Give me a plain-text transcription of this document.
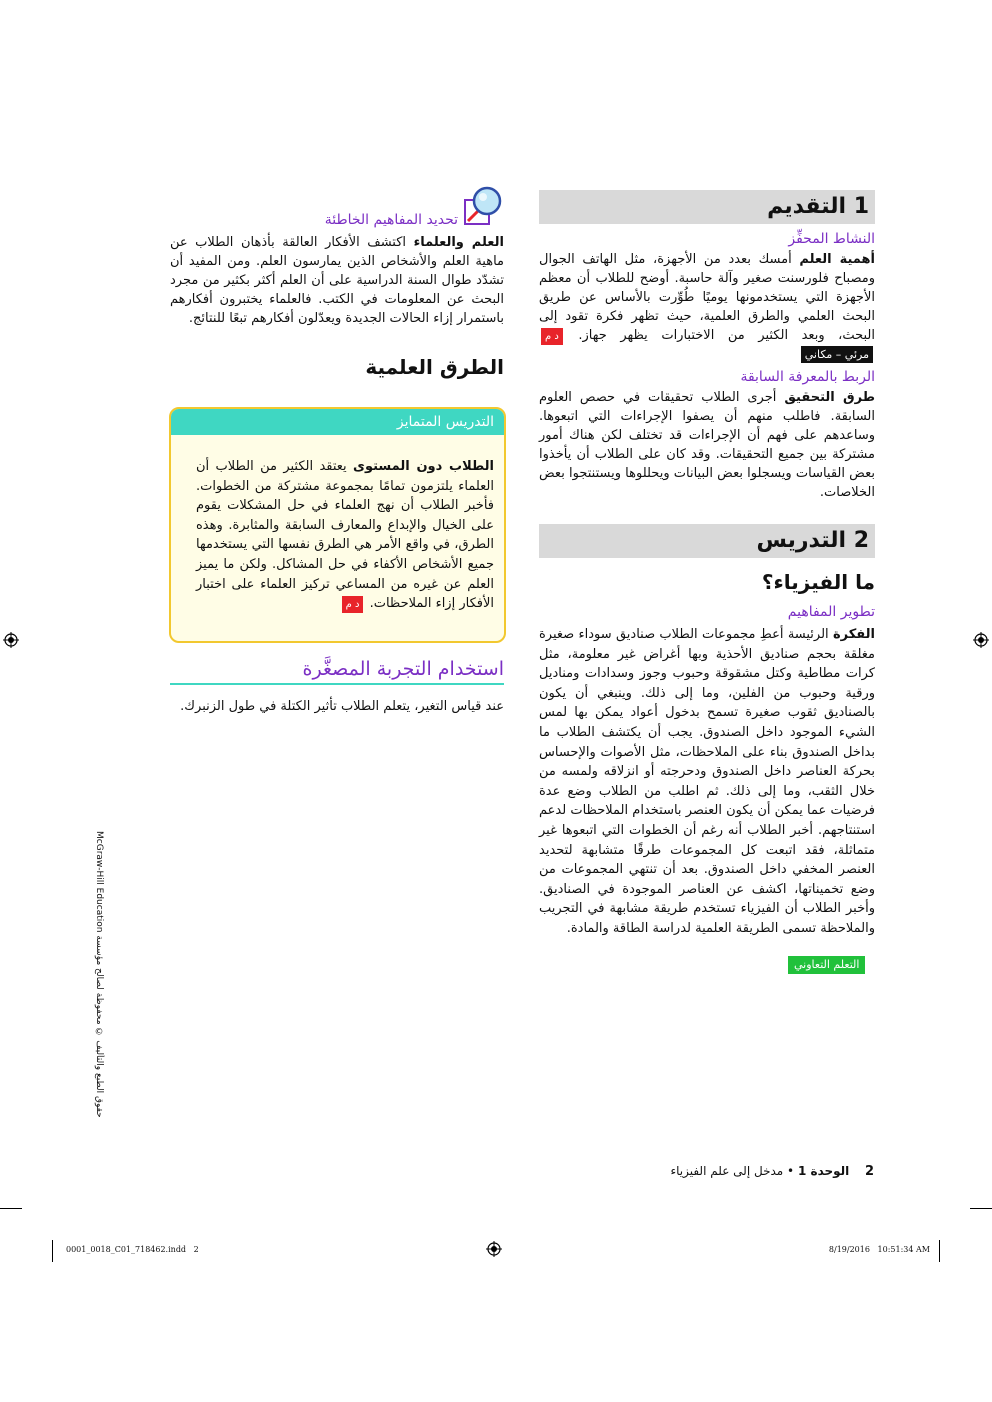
1 التقديم
النشاط المحفِّز
أهمية العلم أمسك بعدد من الأجهزة، مثل الهاتف الجوال ومصباح فلورسنت صغير وآلة حاسبة. أوضح للطلاب أن معظم الأجهزة التي يستخدمونها يوميًا طُوِّرت بالأساس عن طريق البحث العلمي والطرق العلمية، حيث تظهر فكرة تقود إلى البحث، وبعد الكثير من الاختبارات يظهر جهاز. د ممرئي – مكاني
الربط بالمعرفة السابقة
طرق التحقيق أجرى الطلاب تحقيقات في حصص العلوم السابقة. فاطلب منهم أن يصفوا الإجراءات التي اتبعوها. وساعدهم على فهم أن الإجراءات قد تختلف لكن هناك أمور مشتركة بين جميع التحقيقات. وقد كان على الطلاب أن يأخذوا بعض القياسات ويسجلوا بعض البيانات ويحللوها ويستنتجوا بعض الخلاصات.
2 التدريس
ما الفيزياء؟
تطوير المفاهيم
الفكرة الرئيسة أعطِ مجموعات الطلاب صناديق سوداء صغيرة مغلقة بحجم صناديق الأحذية وبها أغراض غير معلومة، مثل كرات مطاطية وكتل مشقوقة وحبوب وجوز وسدادات ومناديل ورقية وحبوب من الفلين، وما إلى ذلك. وينبغي أن يكون بالصناديق ثقوب صغيرة تسمح بدخول أعواد يمكن بها لمس الشيء الموجود داخل الصندوق. يجب أن يكتشف الطلاب ما بداخل الصندوق بناء على الملاحظات، مثل الأصوات والإحساس بحركة العناصر داخل الصندوق ودحرجته أو انزلاقه ولمسه من خلال الثقب، وما إلى ذلك. ثم اطلب من الطلاب وضع عدة فرضيات عما يمكن أن يكون العنصر باستخدام الملاحظات لدعم استنتاجهم. أخبر الطلاب أنه رغم أن الخطوات التي اتبعوها غير متماثلة، فقد اتبعت كل المجموعات طرقًا متشابهة لتحديد العنصر المخفي داخل الصندوق. بعد أن تنتهي المجموعات من وضع تخميناتها، اكشف عن العناصر الموجودة في الصناديق. وأخبر الطلاب أن الفيزياء تستخدم طريقة مشابهة في التجريب والملاحظة تسمى الطريقة العلمية لدراسة الطاقة والمادة.
التعلم التعاوني
تحديد المفاهيم الخاطئة
العلم والعلماء اكتشف الأفكار العالقة بأذهان الطلاب عن ماهية العلم والأشخاص الذين يمارسون العلم. ومن المفيد أن تشدّد طوال السنة الدراسية على أن العلم أكثر بكثير من مجرد البحث عن المعلومات في الكتب. فالعلماء يختبرون أفكارهم باستمرار إزاء الحالات الجديدة ويعدّلون أفكارهم تبعًا للنتائج.
الطرق العلمية
التدريس المتمايز
الطلاب دون المستوى يعتقد الكثير من الطلاب أن العلماء يلتزمون تمامًا بمجموعة مشتركة من الخطوات. فأخبر الطلاب أن نهج العلماء في حل المشكلات يقوم على الخيال والإبداع والمعارف السابقة والمثابرة. وهذه الطرق، في واقع الأمر هي الطرق نفسها التي يستخدمها جميع الأشخاص الأكفاء في حل المشاكل. ولكن ما يميز العلم عن غيره من المساعي تركيز العلماء على اختبار الأفكار إزاء الملاحظات. د م
استخدام التجربة المصغَّرة
عند قياس التغير، يتعلم الطلاب تأثير الكتلة في طول الزنبرك.
حقوق الطبع والتأليف © محفوظة لصالح مؤسسة McGraw-Hill Education
2  الوحدة 1 • مدخل إلى علم الفيزياء
0001_0018_C01_718462.indd   2	8/19/2016   10:51:34 AM
